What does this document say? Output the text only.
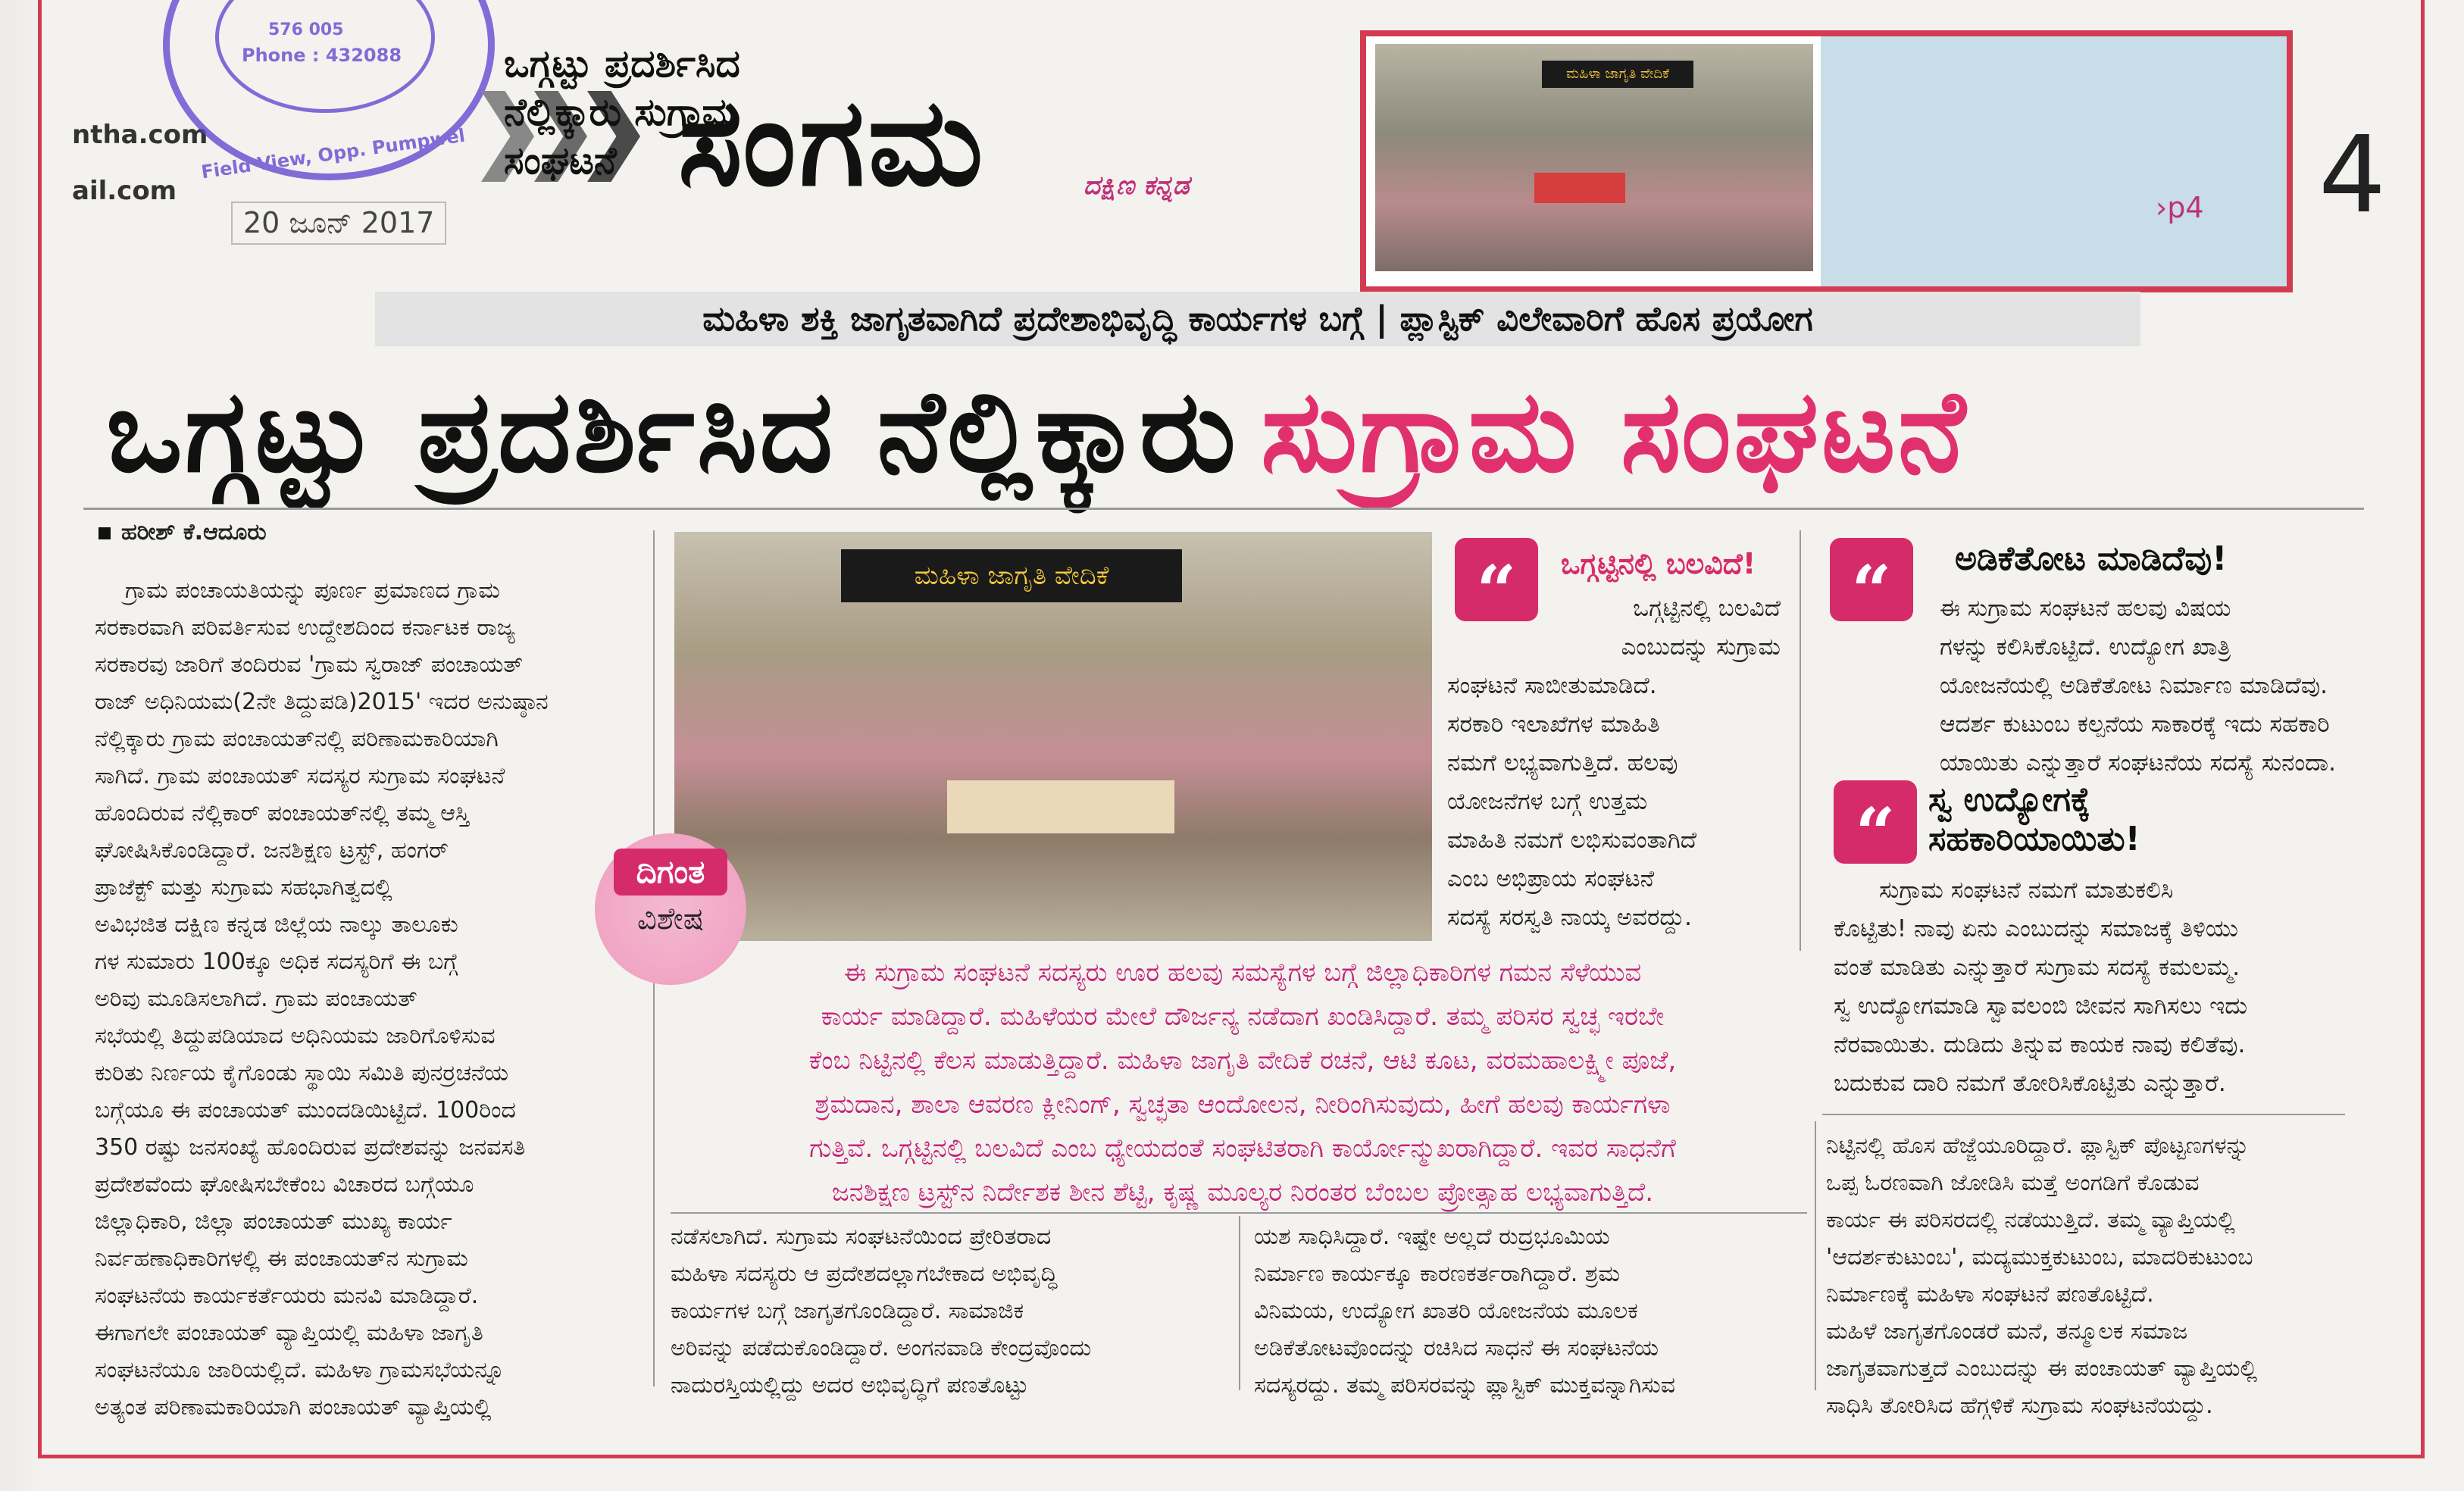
ntha.com
ail.com
576 005
Phone : 432088
Field View, Opp. Pumpwel ಸಂಗಮ	ದಕ್ಷಿಣ ಕನ್ನಡ
20 ಜೂನ್ 2017
ಮಹಿಳಾ ಜಾಗೃತಿ ವೇದಿಕೆ
ಒಗ್ಗಟ್ಟು ಪ್ರದರ್ಶಿಸಿದ
ನೆಲ್ಲಿಕ್ಕಾರು ಸುಗ್ರಾಮ
ಸಂಘಟನೆ
›p4 4
ಮಹಿಳಾ ಶಕ್ತಿ ಜಾಗೃತವಾಗಿದೆ ಪ್ರದೇಶಾಭಿವೃದ್ಧಿ ಕಾರ್ಯಗಳ ಬಗ್ಗೆ | ಪ್ಲಾಸ್ಟಿಕ್ ವಿಲೇವಾರಿಗೆ ಹೊಸ ಪ್ರಯೋಗ
ಒಗ್ಗಟ್ಟು ಪ್ರದರ್ಶಿಸಿದ ನೆಲ್ಲಿಕ್ಕಾರು ಸುಗ್ರಾಮ ಸಂಘಟನೆ
ಹರೀಶ್ ಕೆ.ಆದೂರು
ಗ್ರಾಮ ಪಂಚಾಯತಿಯನ್ನು ಪೂರ್ಣ ಪ್ರಮಾಣದ ಗ್ರಾಮ
ಸರಕಾರವಾಗಿ ಪರಿವರ್ತಿಸುವ ಉದ್ದೇಶದಿಂದ ಕರ್ನಾಟಕ ರಾಜ್ಯ
ಸರಕಾರವು ಜಾರಿಗೆ ತಂದಿರುವ 'ಗ್ರಾಮ ಸ್ವರಾಜ್ ಪಂಚಾಯತ್
ರಾಜ್ ಅಧಿನಿಯಮ(2ನೇ ತಿದ್ದುಪಡಿ)2015' ಇದರ ಅನುಷ್ಠಾನ
ನೆಲ್ಲಿಕ್ಕಾರು ಗ್ರಾಮ ಪಂಚಾಯತ್‌ನಲ್ಲಿ ಪರಿಣಾಮಕಾರಿಯಾಗಿ
ಸಾಗಿದೆ. ಗ್ರಾಮ ಪಂಚಾಯತ್ ಸದಸ್ಯರ ಸುಗ್ರಾಮ ಸಂಘಟನೆ
ಹೊಂದಿರುವ ನೆಲ್ಲಿಕಾರ್ ಪಂಚಾಯತ್‌ನಲ್ಲಿ ತಮ್ಮ ಆಸ್ತಿ
ಘೋಷಿಸಿಕೊಂಡಿದ್ದಾರೆ. ಜನಶಿಕ್ಷಣ ಟ್ರಸ್ಟ್, ಹಂಗರ್
ಪ್ರಾಜೆಕ್ಟ್ ಮತ್ತು ಸುಗ್ರಾಮ ಸಹಭಾಗಿತ್ವದಲ್ಲಿ
ಅವಿಭಜಿತ ದಕ್ಷಿಣ ಕನ್ನಡ ಜಿಲ್ಲೆಯ ನಾಲ್ಕು ತಾಲೂಕು
ಗಳ ಸುಮಾರು 100ಕ್ಕೂ ಅಧಿಕ ಸದಸ್ಯರಿಗೆ ಈ ಬಗ್ಗೆ
ಅರಿವು ಮೂಡಿಸಲಾಗಿದೆ. ಗ್ರಾಮ ಪಂಚಾಯತ್
ಸಭೆಯಲ್ಲಿ ತಿದ್ದುಪಡಿಯಾದ ಅಧಿನಿಯಮ ಜಾರಿಗೊಳಿಸುವ
ಕುರಿತು ನಿರ್ಣಯ ಕೈಗೊಂಡು ಸ್ಥಾಯಿ ಸಮಿತಿ ಪುನರ್ರಚನೆಯ
ಬಗ್ಗೆಯೂ ಈ ಪಂಚಾಯತ್ ಮುಂದಡಿಯಿಟ್ಟಿದೆ. 100ರಿಂದ
350 ರಷ್ಟು ಜನಸಂಖ್ಯೆ ಹೊಂದಿರುವ ಪ್ರದೇಶವನ್ನು ಜನವಸತಿ
ಪ್ರದೇಶವೆಂದು ಘೋಷಿಸಬೇಕೆಂಬ ವಿಚಾರದ ಬಗ್ಗೆಯೂ
ಜಿಲ್ಲಾಧಿಕಾರಿ, ಜಿಲ್ಲಾ ಪಂಚಾಯತ್ ಮುಖ್ಯ ಕಾರ್ಯ
ನಿರ್ವಹಣಾಧಿಕಾರಿಗಳಲ್ಲಿ ಈ ಪಂಚಾಯತ್‌ನ ಸುಗ್ರಾಮ
ಸಂಘಟನೆಯ ಕಾರ್ಯಕರ್ತೆಯರು ಮನವಿ ಮಾಡಿದ್ದಾರೆ.
ಈಗಾಗಲೇ ಪಂಚಾಯತ್ ವ್ಯಾಪ್ತಿಯಲ್ಲಿ ಮಹಿಳಾ ಜಾಗೃತಿ
ಸಂಘಟನೆಯೂ ಜಾರಿಯಲ್ಲಿದೆ. ಮಹಿಳಾ ಗ್ರಾಮಸಭೆಯನ್ನೂ
ಅತ್ಯಂತ ಪರಿಣಾಮಕಾರಿಯಾಗಿ ಪಂಚಾಯತ್ ವ್ಯಾಪ್ತಿಯಲ್ಲಿ
ಮಹಿಳಾ ಜಾಗೃತಿ ವೇದಿಕೆ
ದಿಗಂತ
ವಿಶೇಷ
“	ಒಗ್ಗಟ್ಟಿನಲ್ಲಿ ಬಲವಿದೆ!
ಒಗ್ಗಟ್ಟಿನಲ್ಲಿ ಬಲವಿದೆ
ಎಂಬುದನ್ನು ಸುಗ್ರಾಮ
ಸಂಘಟನೆ ಸಾಬೀತುಮಾಡಿದೆ.
ಸರಕಾರಿ ಇಲಾಖೆಗಳ ಮಾಹಿತಿ
ನಮಗೆ ಲಭ್ಯವಾಗುತ್ತಿದೆ. ಹಲವು
ಯೋಜನೆಗಳ ಬಗ್ಗೆ ಉತ್ತಮ
ಮಾಹಿತಿ ನಮಗೆ ಲಭಿಸುವಂತಾಗಿದೆ
ಎಂಬ ಅಭಿಪ್ರಾಯ ಸಂಘಟನೆ
ಸದಸ್ಯೆ ಸರಸ್ವತಿ ನಾಯ್ಕ ಅವರದ್ದು.
“	ಅಡಿಕೆತೋಟ ಮಾಡಿದೆವು!
ಈ ಸುಗ್ರಾಮ ಸಂಘಟನೆ ಹಲವು ವಿಷಯ
ಗಳನ್ನು ಕಲಿಸಿಕೊಟ್ಟಿದೆ. ಉದ್ಯೋಗ ಖಾತ್ರಿ
ಯೋಜನೆಯಲ್ಲಿ ಅಡಿಕೆತೋಟ ನಿರ್ಮಾಣ ಮಾಡಿದೆವು.
ಆದರ್ಶ ಕುಟುಂಬ ಕಲ್ಪನೆಯ ಸಾಕಾರಕ್ಕೆ ಇದು ಸಹಕಾರಿ
ಯಾಯಿತು ಎನ್ನುತ್ತಾರೆ ಸಂಘಟನೆಯ ಸದಸ್ಯೆ ಸುನಂದಾ.
“ ಸ್ವ ಉದ್ಯೋಗಕ್ಕೆ
ಸಹಕಾರಿಯಾಯಿತು!
ಸುಗ್ರಾಮ ಸಂಘಟನೆ ನಮಗೆ ಮಾತುಕಲಿಸಿ
ಕೊಟ್ಟಿತು! ನಾವು ಏನು ಎಂಬುದನ್ನು ಸಮಾಜಕ್ಕೆ ತಿಳಿಯು
ವಂತೆ ಮಾಡಿತು ಎನ್ನುತ್ತಾರೆ ಸುಗ್ರಾಮ ಸದಸ್ಯೆ ಕಮಲಮ್ಮ.
ಸ್ವ ಉದ್ಯೋಗಮಾಡಿ ಸ್ವಾವಲಂಬಿ ಜೀವನ ಸಾಗಿಸಲು ಇದು
ನೆರವಾಯಿತು. ದುಡಿದು ತಿನ್ನುವ ಕಾಯಕ ನಾವು ಕಲಿತೆವು.
ಬದುಕುವ ದಾರಿ ನಮಗೆ ತೋರಿಸಿಕೊಟ್ಟಿತು ಎನ್ನುತ್ತಾರೆ.
ಈ ಸುಗ್ರಾಮ ಸಂಘಟನೆ ಸದಸ್ಯರು ಊರ ಹಲವು ಸಮಸ್ಯೆಗಳ ಬಗ್ಗೆ ಜಿಲ್ಲಾಧಿಕಾರಿಗಳ ಗಮನ ಸೆಳೆಯುವ
ಕಾರ್ಯ ಮಾಡಿದ್ದಾರೆ. ಮಹಿಳೆಯರ ಮೇಲೆ ದೌರ್ಜನ್ಯ ನಡೆದಾಗ ಖಂಡಿಸಿದ್ದಾರೆ. ತಮ್ಮ ಪರಿಸರ ಸ್ವಚ್ಛ ಇರಬೇ
ಕೆಂಬ ನಿಟ್ಟಿನಲ್ಲಿ ಕೆಲಸ ಮಾಡುತ್ತಿದ್ದಾರೆ. ಮಹಿಳಾ ಜಾಗೃತಿ ವೇದಿಕೆ ರಚನೆ, ಆಟಿ ಕೂಟ, ವರಮಹಾಲಕ್ಷ್ಮೀ ಪೂಜೆ,
ಶ್ರಮದಾನ, ಶಾಲಾ ಆವರಣ ಕ್ಲೀನಿಂಗ್, ಸ್ವಚ್ಛತಾ ಆಂದೋಲನ, ನೀರಿಂಗಿಸುವುದು, ಹೀಗೆ ಹಲವು ಕಾರ್ಯಗಳಾ
ಗುತ್ತಿವೆ. ಒಗ್ಗಟ್ಟಿನಲ್ಲಿ ಬಲವಿದೆ ಎಂಬ ಧ್ಯೇಯದಂತೆ ಸಂಘಟಿತರಾಗಿ ಕಾರ್ಯೋನ್ಮುಖರಾಗಿದ್ದಾರೆ. ಇವರ ಸಾಧನೆಗೆ
ಜನಶಿಕ್ಷಣ ಟ್ರಸ್ಟ್‌ನ ನಿರ್ದೇಶಕ ಶೀನ ಶೆಟ್ಟಿ, ಕೃಷ್ಣ ಮೂಲ್ಯರ ನಿರಂತರ ಬೆಂಬಲ ಪ್ರೋತ್ಸಾಹ ಲಭ್ಯವಾಗುತ್ತಿದೆ.
ನಡೆಸಲಾಗಿದೆ. ಸುಗ್ರಾಮ ಸಂಘಟನೆಯಿಂದ ಪ್ರೇರಿತರಾದ
ಮಹಿಳಾ ಸದಸ್ಯರು ಆ ಪ್ರದೇಶದಲ್ಲಾಗಬೇಕಾದ ಅಭಿವೃದ್ಧಿ
ಕಾರ್ಯಗಳ ಬಗ್ಗೆ ಜಾಗೃತಗೊಂಡಿದ್ದಾರೆ. ಸಾಮಾಜಿಕ
ಅರಿವನ್ನು ಪಡೆದುಕೊಂಡಿದ್ದಾರೆ. ಅಂಗನವಾಡಿ ಕೇಂದ್ರವೊಂದು
ನಾದುರಸ್ತಿಯಲ್ಲಿದ್ದು ಅದರ ಅಭಿವೃದ್ಧಿಗೆ ಪಣತೊಟ್ಟು
ಯಶ ಸಾಧಿಸಿದ್ದಾರೆ. ಇಷ್ಟೇ ಅಲ್ಲದೆ ರುದ್ರಭೂಮಿಯ
ನಿರ್ಮಾಣ ಕಾರ್ಯಕ್ಕೂ ಕಾರಣಕರ್ತರಾಗಿದ್ದಾರೆ. ಶ್ರಮ
ವಿನಿಮಯ, ಉದ್ಯೋಗ ಖಾತರಿ ಯೋಜನೆಯ ಮೂಲಕ
ಅಡಿಕೆತೋಟವೊಂದನ್ನು ರಚಿಸಿದ ಸಾಧನೆ ಈ ಸಂಘಟನೆಯ
ಸದಸ್ಯರದ್ದು. ತಮ್ಮ ಪರಿಸರವನ್ನು ಪ್ಲಾಸ್ಟಿಕ್ ಮುಕ್ತವನ್ನಾಗಿಸುವ
ನಿಟ್ಟಿನಲ್ಲಿ ಹೊಸ ಹೆಜ್ಜೆಯೂರಿದ್ದಾರೆ. ಪ್ಲಾಸ್ಟಿಕ್ ಪೊಟ್ಟಣಗಳನ್ನು
ಒಪ್ಪ ಓರಣವಾಗಿ ಜೋಡಿಸಿ ಮತ್ತೆ ಅಂಗಡಿಗೆ ಕೊಡುವ
ಕಾರ್ಯ ಈ ಪರಿಸರದಲ್ಲಿ ನಡೆಯುತ್ತಿದೆ. ತಮ್ಮ ವ್ಯಾಪ್ತಿಯಲ್ಲಿ
'ಆದರ್ಶಕುಟುಂಬ', ಮದ್ಯಮುಕ್ತಕುಟುಂಬ, ಮಾದರಿಕುಟುಂಬ
ನಿರ್ಮಾಣಕ್ಕೆ ಮಹಿಳಾ ಸಂಘಟನೆ ಪಣತೊಟ್ಟಿದೆ.
ಮಹಿಳೆ ಜಾಗೃತಗೊಂಡರೆ ಮನೆ, ತನ್ಮೂಲಕ ಸಮಾಜ
ಜಾಗೃತವಾಗುತ್ತದೆ ಎಂಬುದನ್ನು ಈ ಪಂಚಾಯತ್ ವ್ಯಾಪ್ತಿಯಲ್ಲಿ
ಸಾಧಿಸಿ ತೋರಿಸಿದ ಹೆಗ್ಗಳಿಕೆ ಸುಗ್ರಾಮ ಸಂಘಟನೆಯದ್ದು.
